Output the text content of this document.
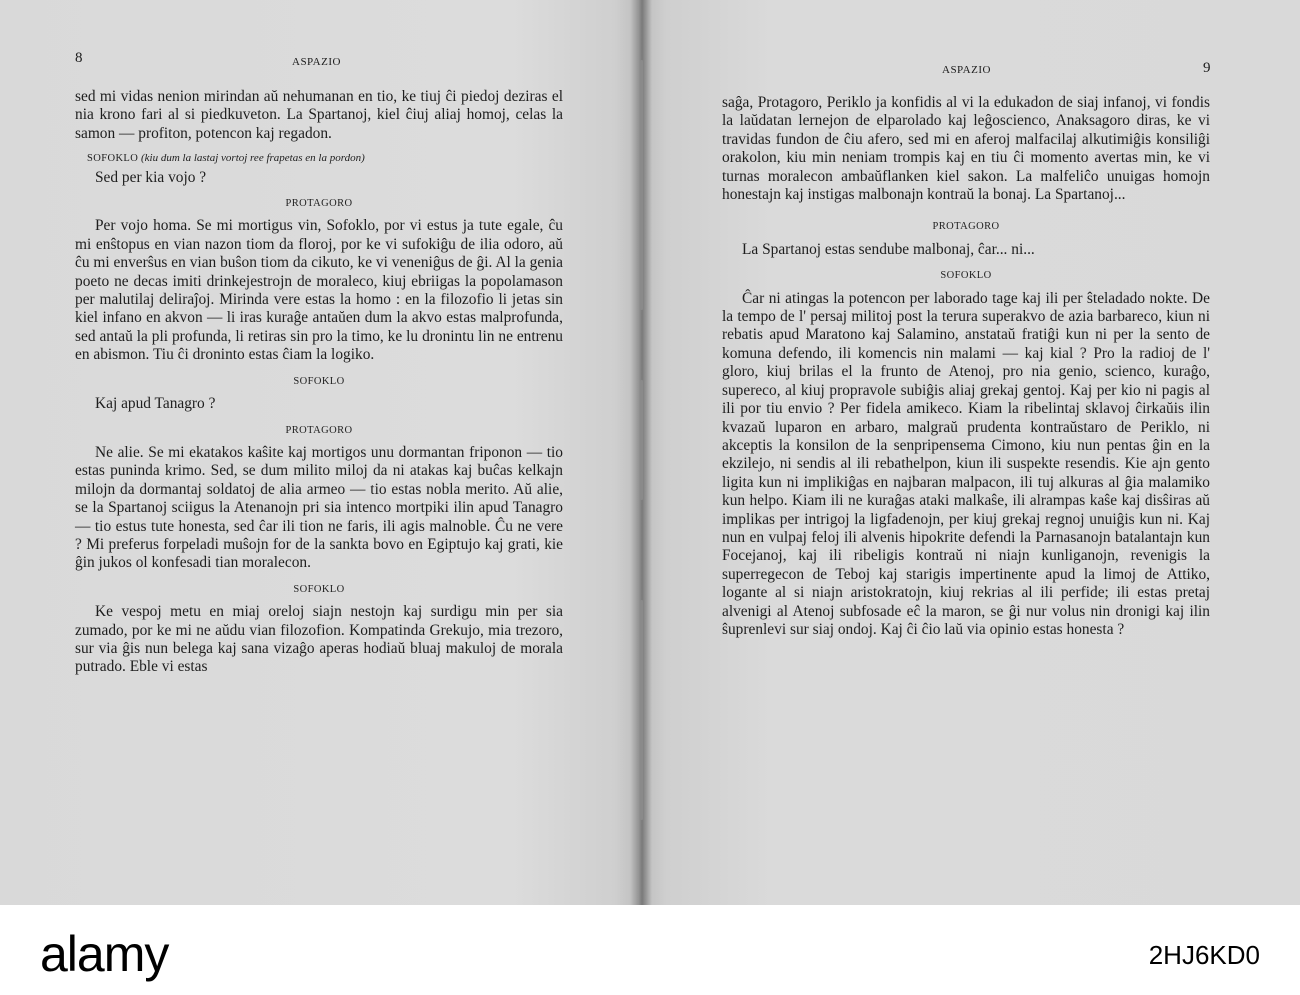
8	ASPAZIO

sed mi vidas nenion mirindan aŭ nehumanan en tio, ke tiuj ĉi piedoj deziras el nia krono fari al si piedkuveton. La Spartanoj, kiel ĉiuj aliaj homoj, celas la samon — profiton, potencon kaj regadon.

SOFOKLO (kiu dum la lastaj vortoj ree frapetas en la pordon)

Sed per kia vojo ?

PROTAGORO

Per vojo homa. Se mi mortigus vin, Sofoklo, por vi estus ja tute egale, ĉu mi enŝtopus en vian nazon tiom da floroj, por ke vi sufokiĝu de ilia odoro, aŭ ĉu mi enverŝus en vian buŝon tiom da cikuto, ke vi veneniĝus de ĝi. Al la genia poeto ne decas imiti drinkejestrojn de moraleco, kiuj ebriigas la popolamason per malutilaj deliraĵoj. Mirinda vere estas la homo : en la filozofio li jetas sin kiel infano en akvon — li iras kuraĝe antaŭen dum la akvo estas malprofunda, sed antaŭ la pli profunda, li retiras sin pro la timo, ke lu dronintu lin ne entrenu en abismon. Tiu ĉi droninto estas ĉiam la logiko.

SOFOKLO

Kaj apud Tanagro ?

PROTAGORO

Ne alie. Se mi ekatakos kaŝite kaj mortigos unu dormantan friponon — tio estas puninda krimo. Sed, se dum milito miloj da ni atakas kaj buĉas kelkajn milojn da dormantaj soldatoj de alia armeo — tio estas nobla merito. Aŭ alie, se la Spartanoj sciigus la Atenanojn pri sia intenco mortpiki ilin apud Tanagro — tio estus tute honesta, sed ĉar ili tion ne faris, ili agis malnoble. Ĉu ne vere ? Mi preferus forpeladi muŝojn for de la sankta bovo en Egiptujo kaj grati, kie ĝin jukos ol konfesadi tian moralecon.

SOFOKLO

Ke vespoj metu en miaj oreloj siajn nestojn kaj surdigu min per sia zumado, por ke mi ne aŭdu vian filozofion. Kompatinda Grekujo, mia trezoro, sur via ĝis nun belega kaj sana vizaĝo aperas hodiaŭ bluaj makuloj de morala putrado. Eble vi estas

ASPAZIO	9

saĝa, Protagoro, Periklo ja konfidis al vi la edukadon de siaj infanoj, vi fondis la laŭdatan lernejon de elparolado kaj leĝoscienco, Anaksagoro diras, ke vi travidas fundon de ĉiu afero, sed mi en aferoj malfacilaj alkutimiĝis konsiliĝi orakolon, kiu min neniam trompis kaj en tiu ĉi momento avertas min, ke vi turnas moralecon ambaŭflanken kiel sakon. La malfeliĉo unuigas homojn honestajn kaj instigas malbonajn kontraŭ la bonaj. La Spartanoj...

PROTAGORO

La Spartanoj estas sendube malbonaj, ĉar... ni...

SOFOKLO

Ĉar ni atingas la potencon per laborado tage kaj ili per ŝteladado nokte. De la tempo de l' persaj militoj post la terura superakvo de azia barbareco, kiun ni rebatis apud Maratono kaj Salamino, anstataŭ fratiĝi kun ni per la sento de komuna defendo, ili komencis nin malami — kaj kial ? Pro la radioj de l' gloro, kiuj brilas el la frunto de Atenoj, pro nia genio, scienco, kuraĝo, supereco, al kiuj propravole subiĝis aliaj grekaj gentoj. Kaj per kio ni pagis al ili por tiu envio ? Per fidela amikeco. Kiam la ribelintaj sklavoj ĉirkaŭis ilin kvazaŭ luparon en arbaro, malgraŭ prudenta kontraŭstaro de Periklo, ni akceptis la konsilon de la senpripensema Cimono, kiu nun pentas ĝin en la ekzilejo, ni sendis al ili rebathelpon, kiun ili suspekte resendis. Kie ajn gento ligita kun ni implikiĝas en najbaran malpacon, ili tuj alkuras al ĝia malamiko kun helpo. Kiam ili ne kuraĝas ataki malkaŝe, ili alrampas kaŝe kaj disŝiras aŭ implikas per intrigoj la ligfadenojn, per kiuj grekaj regnoj unuiĝis kun ni. Kaj nun en vulpaj feloj ili alvenis hipokrite defendi la Parnasanojn batalantajn kun Focejanoj, kaj ili ribeligis kontraŭ ni niajn kunliganojn, revenigis la superregecon de Teboj kaj starigis impertinente apud la limoj de Attiko, logante al si niajn aristokratojn, kiuj rekrias al ili perfide; ili estas pretaj alvenigi al Atenoj subfosade eĉ la maron, se ĝi nur volus nin dronigi kaj ilin ŝuprenlevi sur siaj ondoj. Kaj ĉi ĉio laŭ via opinio estas honesta ?

alamy	2HJ6KD0
